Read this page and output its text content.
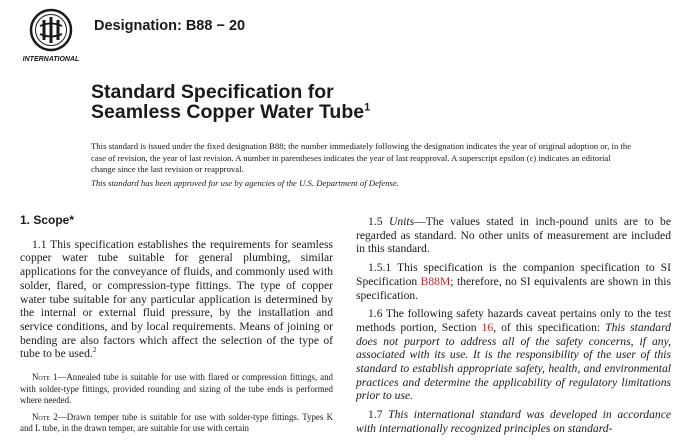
INTERNATIONAL
Designation: B88 − 20
Standard Specification for
Seamless Copper Water Tube$^1$
This standard is issued under the fixed designation B88; the number immediately following the designation indicates the year of original adoption or, in the case of revision, the year of last revision. A number in parentheses indicates the year of last reapproval. A superscript epsilon (ε) indicates an editorial change since the last revision or reapproval.
This standard has been approved for use by agencies of the U.S. Department of Defense.
1. Scope*

1.1 This specification establishes the requirements for seamless copper water tube suitable for general plumbing, similar applications for the conveyance of fluids, and commonly used with solder, flared, or compression-type fittings. The type of copper water tube suitable for any particular application is determined by the internal or external fluid pressure, by the installation and service conditions, and by local requirements. Means of joining or bending are also factors which affect the selection of the type of tube to be used.$^2$

Note 1—Annealed tube is suitable for use with flared or compression fittings, and with solder-type fittings, provided rounding and sizing of the tube ends is performed where needed.

Note 2—Drawn temper tube is suitable for use with solder-type fittings. Types K and L tube, in the drawn temper, are suitable for use with certain

1.5 Units—The values stated in inch-pound units are to be regarded as standard. No other units of measurement are included in this standard.

1.5.1 This specification is the companion specification to SI Specification B88M; therefore, no SI equivalents are shown in this specification.

1.6 The following safety hazards caveat pertains only to the test methods portion, Section 16, of this specification: This standard does not purport to address all of the safety concerns, if any, associated with its use. It is the responsibility of the user of this standard to establish appropriate safety, health, and environmental practices and determine the applicability of regulatory limitations prior to use.

1.7 This international standard was developed in accordance with internationally recognized principles on standard-
